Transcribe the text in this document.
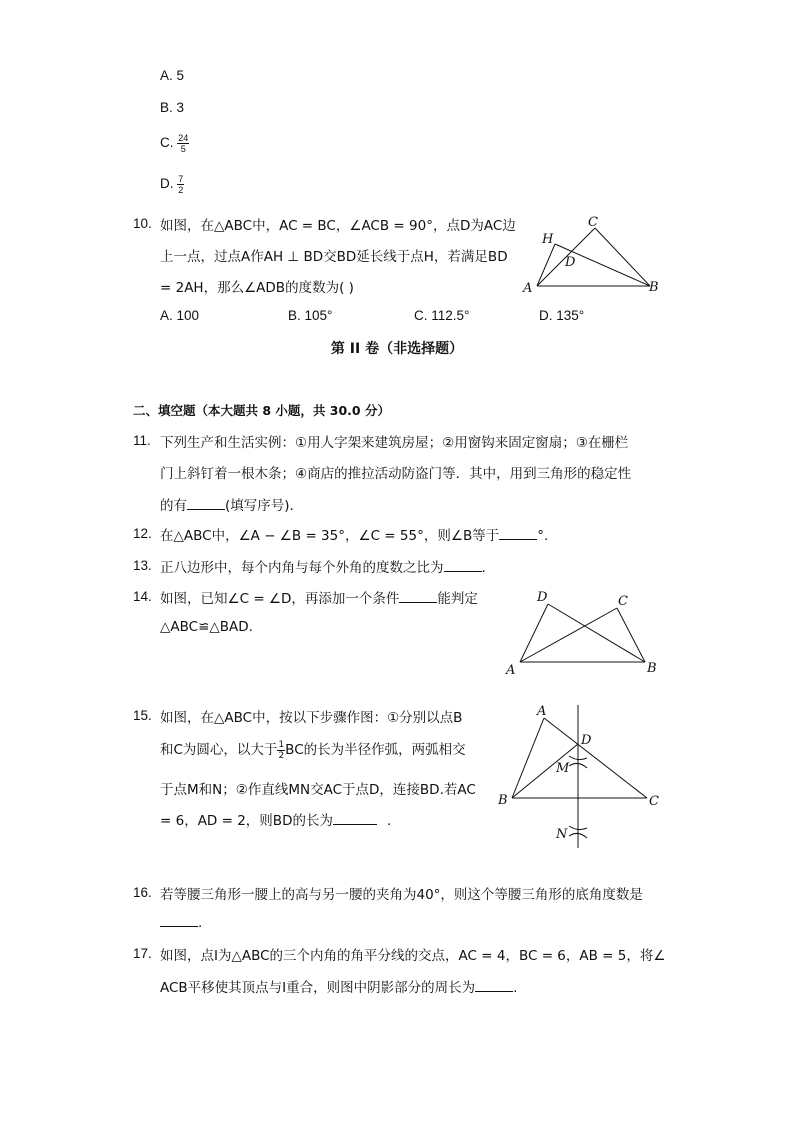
A. 5
B. 3
C. $\frac{24}{5}$
D. $\frac{7}{2}$
10. 如图，在△ABC中，AC = BC，∠ACB = 90°，点D为AC边
上一点，过点A作AH ⊥ BD交BD延长线于点H，若满足BD
= 2AH，那么∠ADB的度数为( )
A. 100	B. 105°	C. 112.5°	D. 135°
C
H
D
A	B
第 II 卷（非选择题）
二、填空题（本大题共 8 小题，共 30.0 分）
11. 下列生产和生活实例：①用人字架来建筑房屋；②用窗钩来固定窗扇；③在栅栏
门上斜钉着一根木条；④商店的推拉活动防盗门等．其中，用到三角形的稳定性
的有	(填写序号)．
12. 在△ABC中，∠A − ∠B = 35°，∠C = 55°，则∠B等于	°.
13. 正八边形中，每个内角与每个外角的度数之比为	.
14. 如图，已知∠C = ∠D，再添加一个条件	能判定
△ABC≌△BAD.
D	C
A	B
15. 如图，在△ABC中，按以下步骤作图：①分别以点B
和C为圆心，以大于 $\frac{1}{2}$ BC的长为半径作弧，两弧相交
于点M和N；②作直线MN交AC于点D，连接BD.若AC
= 6，AD = 2，则BD的长为	.
A
D
M
B	C
N
16. 若等腰三角形一腰上的高与另一腰的夹角为40°，则这个等腰三角形的底角度数是
.
17. 如图，点I为△ABC的三个内角的角平分线的交点，AC = 4，BC = 6，AB = 5，将∠
ACB平移使其顶点与I重合，则图中阴影部分的周长为	.
